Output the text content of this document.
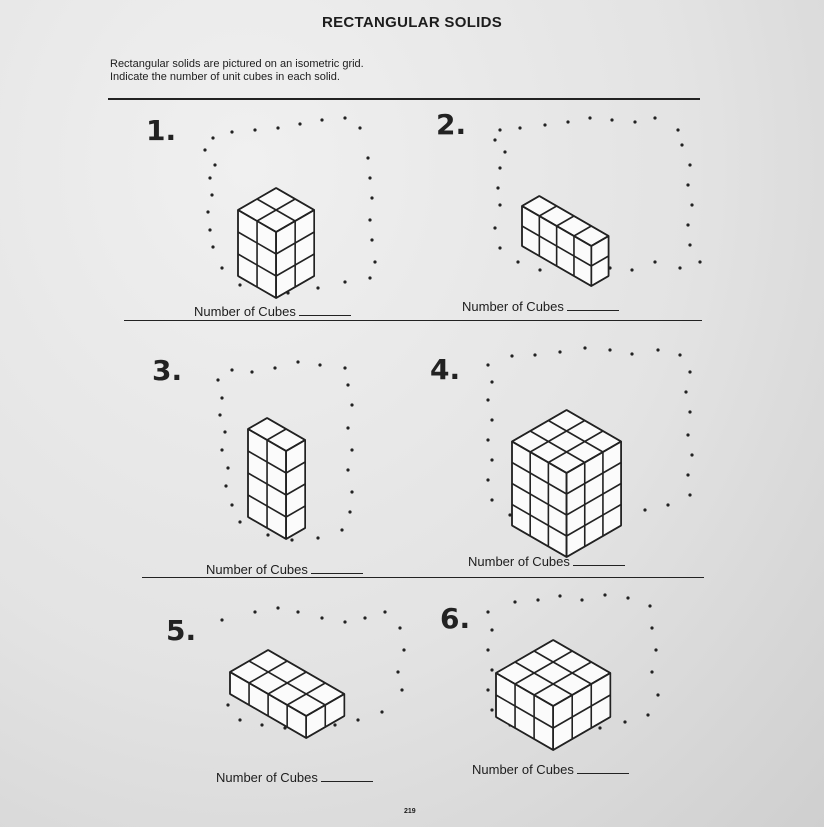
RECTANGULAR SOLIDS
Rectangular solids are pictured on an isometric grid.
Indicate the number of unit cubes in each solid.
1.
Number of Cubes
2.
Number of Cubes
3.
Number of Cubes
4.
Number of Cubes
5.
Number of Cubes
6.
Number of Cubes
219
